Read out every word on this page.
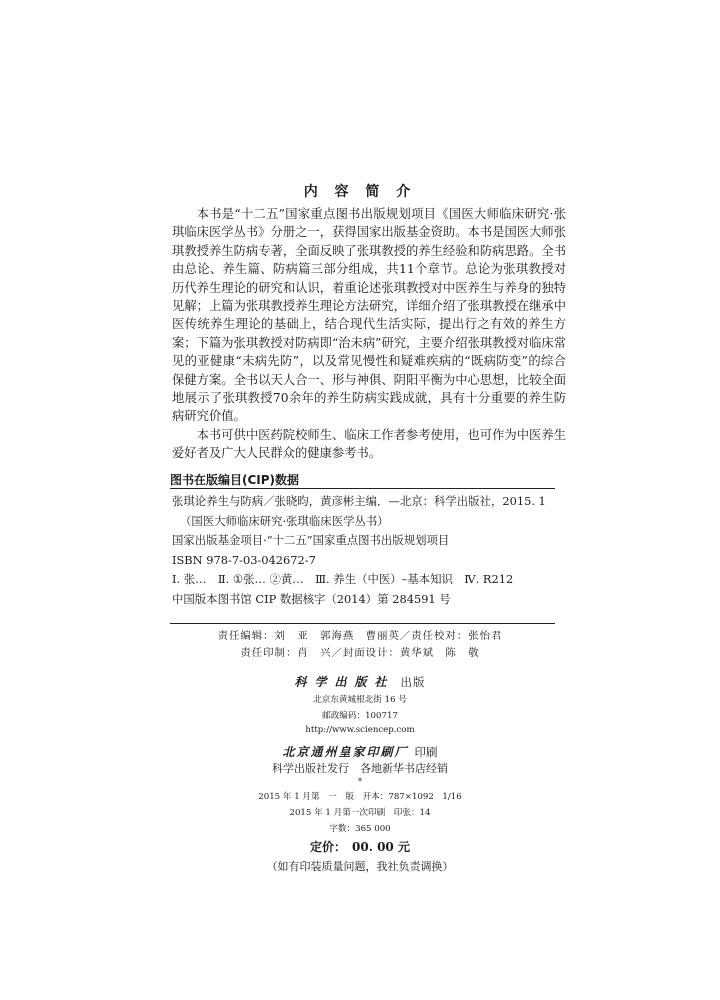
内 容 简 介

本书是“十二五”国家重点图书出版规划项目《国医大师临床研究·张琪临床医学丛书》分册之一，获得国家出版基金资助。本书是国医大师张琪教授养生防病专著，全面反映了张琪教授的养生经验和防病思路。全书由总论、养生篇、防病篇三部分组成，共11个章节。总论为张琪教授对历代养生理论的研究和认识，着重论述张琪教授对中医养生与养身的独特见解；上篇为张琪教授养生理论方法研究，详细介绍了张琪教授在继承中医传统养生理论的基础上，结合现代生活实际，提出行之有效的养生方案；下篇为张琪教授对防病即“治未病”研究，主要介绍张琪教授对临床常见的亚健康“未病先防”，以及常见慢性和疑难疾病的“既病防变”的综合保健方案。全书以天人合一、形与神俱、阴阳平衡为中心思想，比较全面地展示了张琪教授70余年的养生防病实践成就，具有十分重要的养生防病研究价值。

本书可供中医药院校师生、临床工作者参考使用，也可作为中医养生爱好者及广大人民群众的健康参考书。

图书在版编目(CIP)数据
张琪论养生与防病／张晓昀，黄彦彬主编．—北京：科学出版社，2015. 1
（国医大师临床研究·张琪临床医学丛书）
国家出版基金项目·“十二五”国家重点图书出版规划项目
ISBN 978-7-03-042672-7
Ⅰ. 张…　Ⅱ. ①张… ②黄…　Ⅲ. 养生（中医）–基本知识　Ⅳ. R212
中国版本图书馆 CIP 数据核字（2014）第 284591 号
责任编辑：刘　亚　郭海燕　曹丽英／责任校对：张怡君
责任印制：肖　兴／封面设计：黄华斌　陈　敬
科学出版社 出版
北京东黄城根北街 16 号
邮政编码：100717
http://www.sciencep.com
北京通州皇家印刷厂 印刷
科学出版社发行　各地新华书店经销
*
2015 年 1 月第　一　版　开本：787×1092　1/16
2015 年 1 月第一次印刷　印张：14
字数：365 000
定价： 00. 00 元
（如有印装质量问题，我社负责调换）
